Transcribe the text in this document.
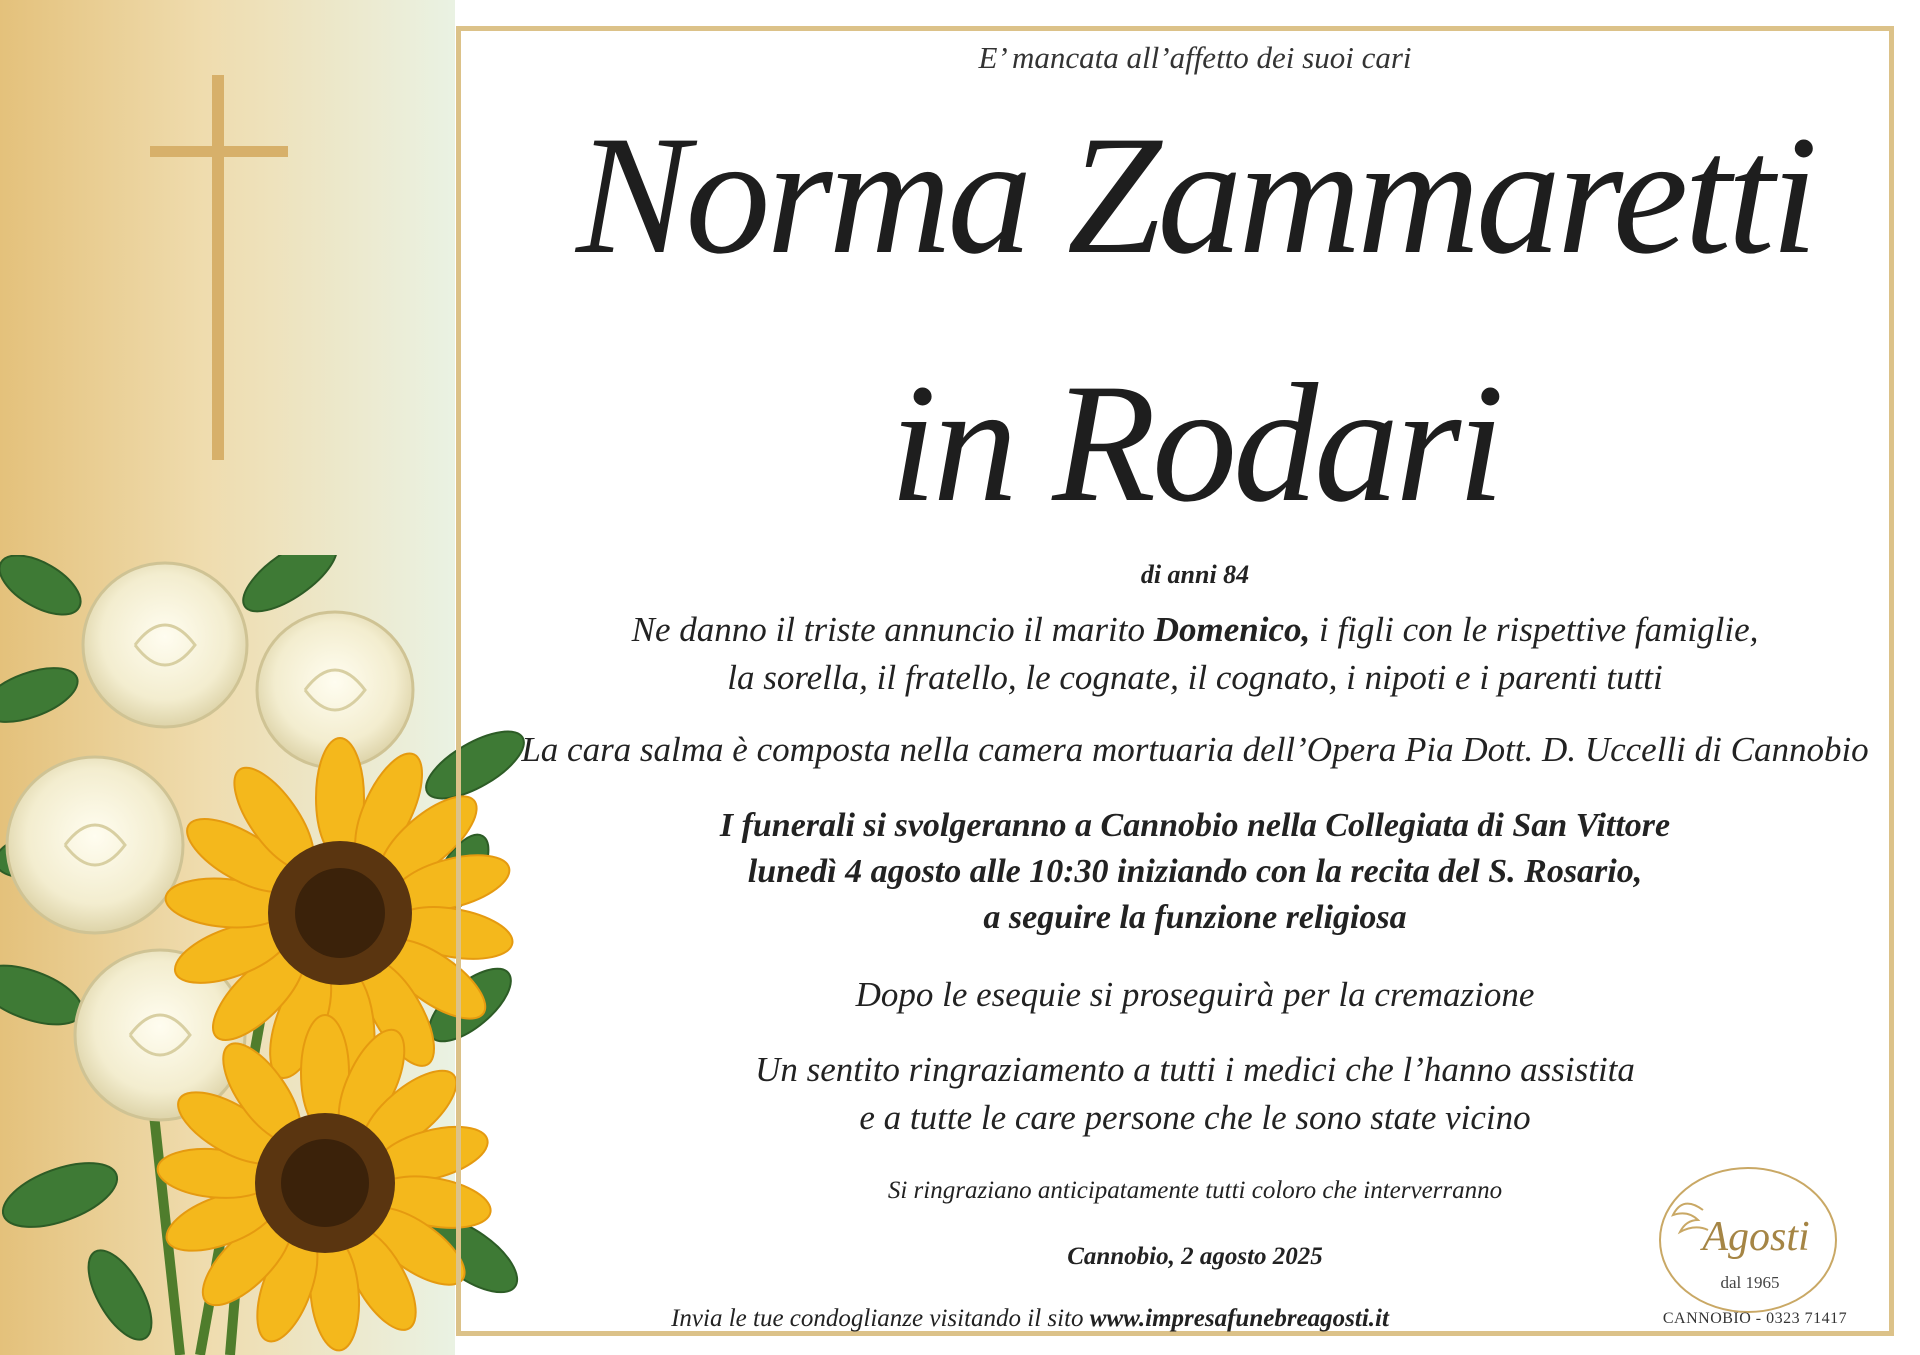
E’ mancata all’affetto dei suoi cari
Norma Zammaretti
in Rodari
di anni 84
Ne danno il triste annuncio il marito Domenico, i figli con le rispettive famiglie,
la sorella, il fratello, le cognate, il cognato, i nipoti e i parenti tutti
La cara salma è composta nella camera mortuaria dell’Opera Pia Dott. D. Uccelli di Cannobio
I funerali si svolgeranno a Cannobio nella Collegiata di San Vittore
lunedì 4 agosto alle 10:30 iniziando con la recita del S. Rosario,
a seguire la funzione religiosa
Dopo le esequie si proseguirà per la cremazione
Un sentito ringraziamento a tutti i medici che l’hanno assistita
e a tutte le care persone che le sono state vicino
Si ringraziano anticipatamente tutti coloro che interverranno
Cannobio, 2 agosto 2025
Invia le tue condoglianze visitando il sito www.impresafunebreagosti.it
Agosti
dal 1965
CANNOBIO - 0323 71417
